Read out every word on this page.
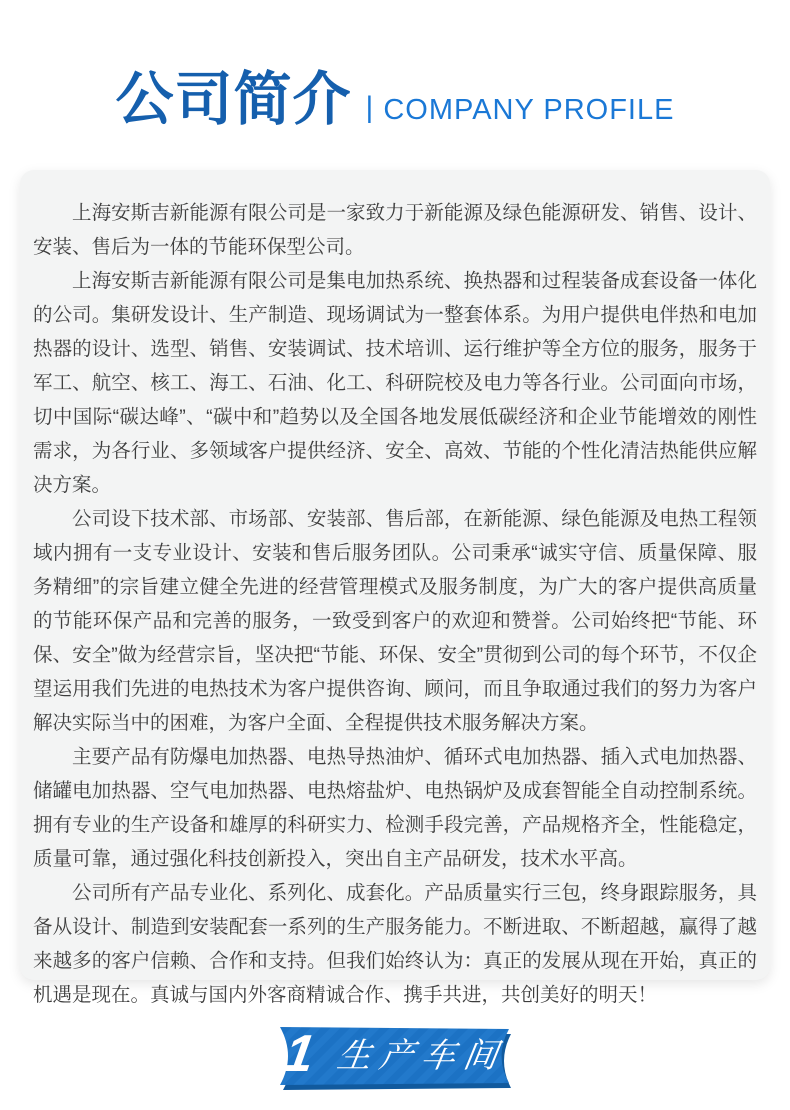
公司简介 | COMPANY PROFILE

上海安斯吉新能源有限公司是一家致力于新能源及绿色能源研发、销售、设计、安装、售后为一体的节能环保型公司。

上海安斯吉新能源有限公司是集电加热系统、换热器和过程装备成套设备一体化的公司。集研发设计、生产制造、现场调试为一整套体系。为用户提供电伴热和电加热器的设计、选型、销售、安装调试、技术培训、运行维护等全方位的服务，服务于军工、航空、核工、海工、石油、化工、科研院校及电力等各行业。公司面向市场，切中国际“碳达峰”、“碳中和”趋势以及全国各地发展低碳经济和企业节能增效的刚性需求，为各行业、多领域客户提供经济、安全、高效、节能的个性化清洁热能供应解决方案。

公司设下技术部、市场部、安装部、售后部，在新能源、绿色能源及电热工程领域内拥有一支专业设计、安装和售后服务团队。公司秉承“诚实守信、质量保障、服务精细”的宗旨建立健全先进的经营管理模式及服务制度，为广大的客户提供高质量的节能环保产品和完善的服务，一致受到客户的欢迎和赞誉。公司始终把“节能、环保、安全”做为经营宗旨，坚决把“节能、环保、安全”贯彻到公司的每个环节，不仅企望运用我们先进的电热技术为客户提供咨询、顾问，而且争取通过我们的努力为客户解决实际当中的困难，为客户全面、全程提供技术服务解决方案。

主要产品有防爆电加热器、电热导热油炉、循环式电加热器、插入式电加热器、储罐电加热器、空气电加热器、电热熔盐炉、电热锅炉及成套智能全自动控制系统。拥有专业的生产设备和雄厚的科研实力、检测手段完善，产品规格齐全，性能稳定，质量可靠，通过强化科技创新投入，突出自主产品研发，技术水平高。

公司所有产品专业化、系列化、成套化。产品质量实行三包，终身跟踪服务，具备从设计、制造到安装配套一系列的生产服务能力。不断进取、不断超越，赢得了越来越多的客户信赖、合作和支持。但我们始终认为：真正的发展从现在开始，真正的机遇是现在。真诚与国内外客商精诚合作、携手共进，共创美好的明天！

1 生产车间
